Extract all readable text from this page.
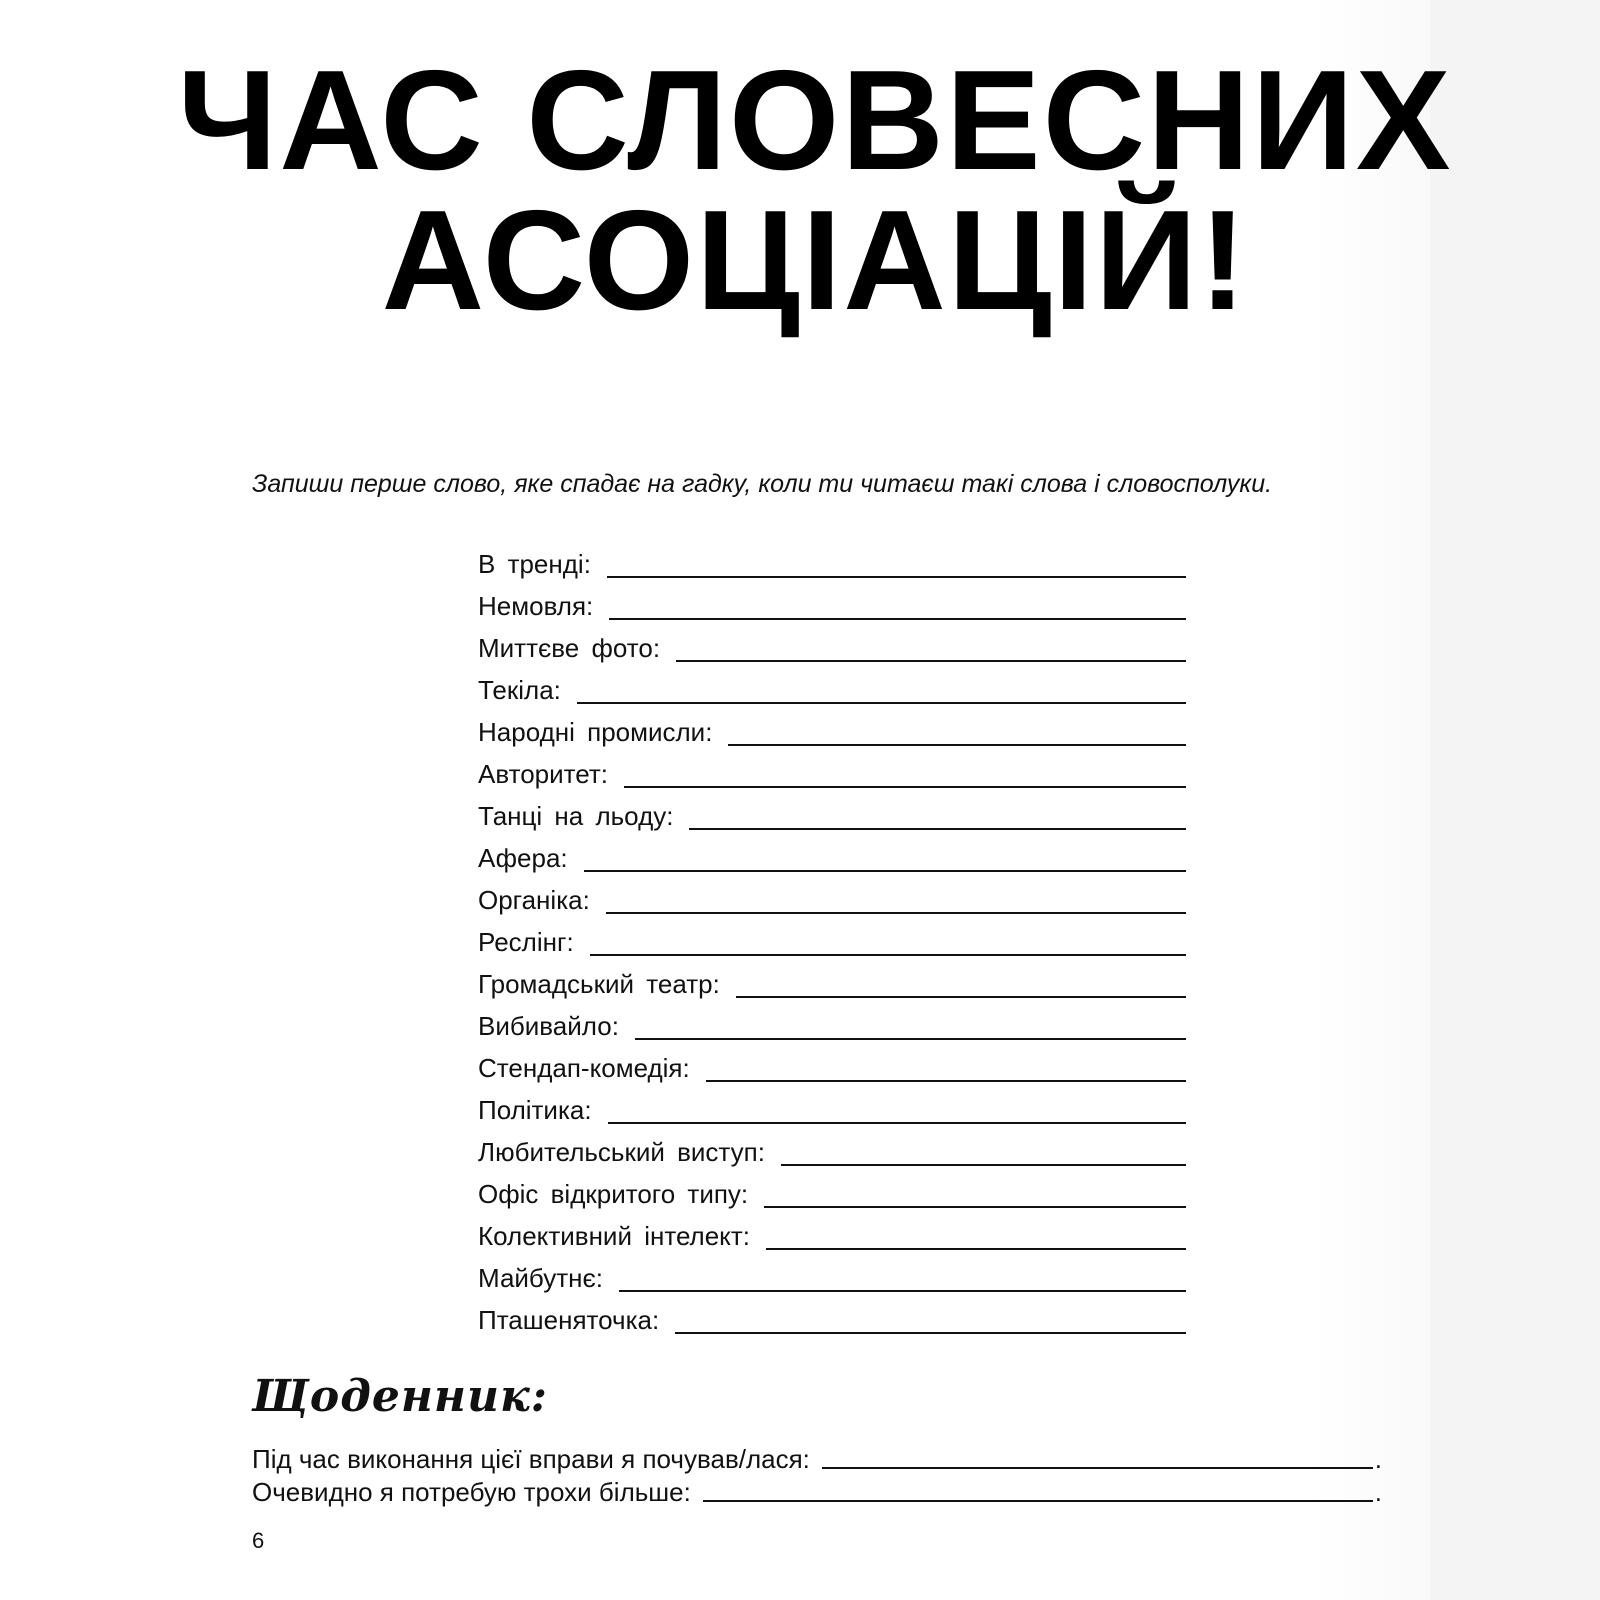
ЧАС СЛОВЕСНИХ
АСОЦІАЦІЙ!

Запиши перше слово, яке спадає на гадку, коли ти читаєш такі слова і словосполуки.

В тренді:
Немовля:
Миттєве фото:
Текіла:
Народні промисли:
Авторитет:
Танці на льоду:
Афера:
Органіка:
Реслінг:
Громадський театр:
Вибивайло:
Стендап-комедія:
Політика:
Любительський виступ:
Офіс відкритого типу:
Колективний інтелект:
Майбутнє:
Пташеняточка:
Щоденник:
Під час виконання цієї вправи я почував/лася:	.
Очевидно я потребую трохи більше:	.
6
